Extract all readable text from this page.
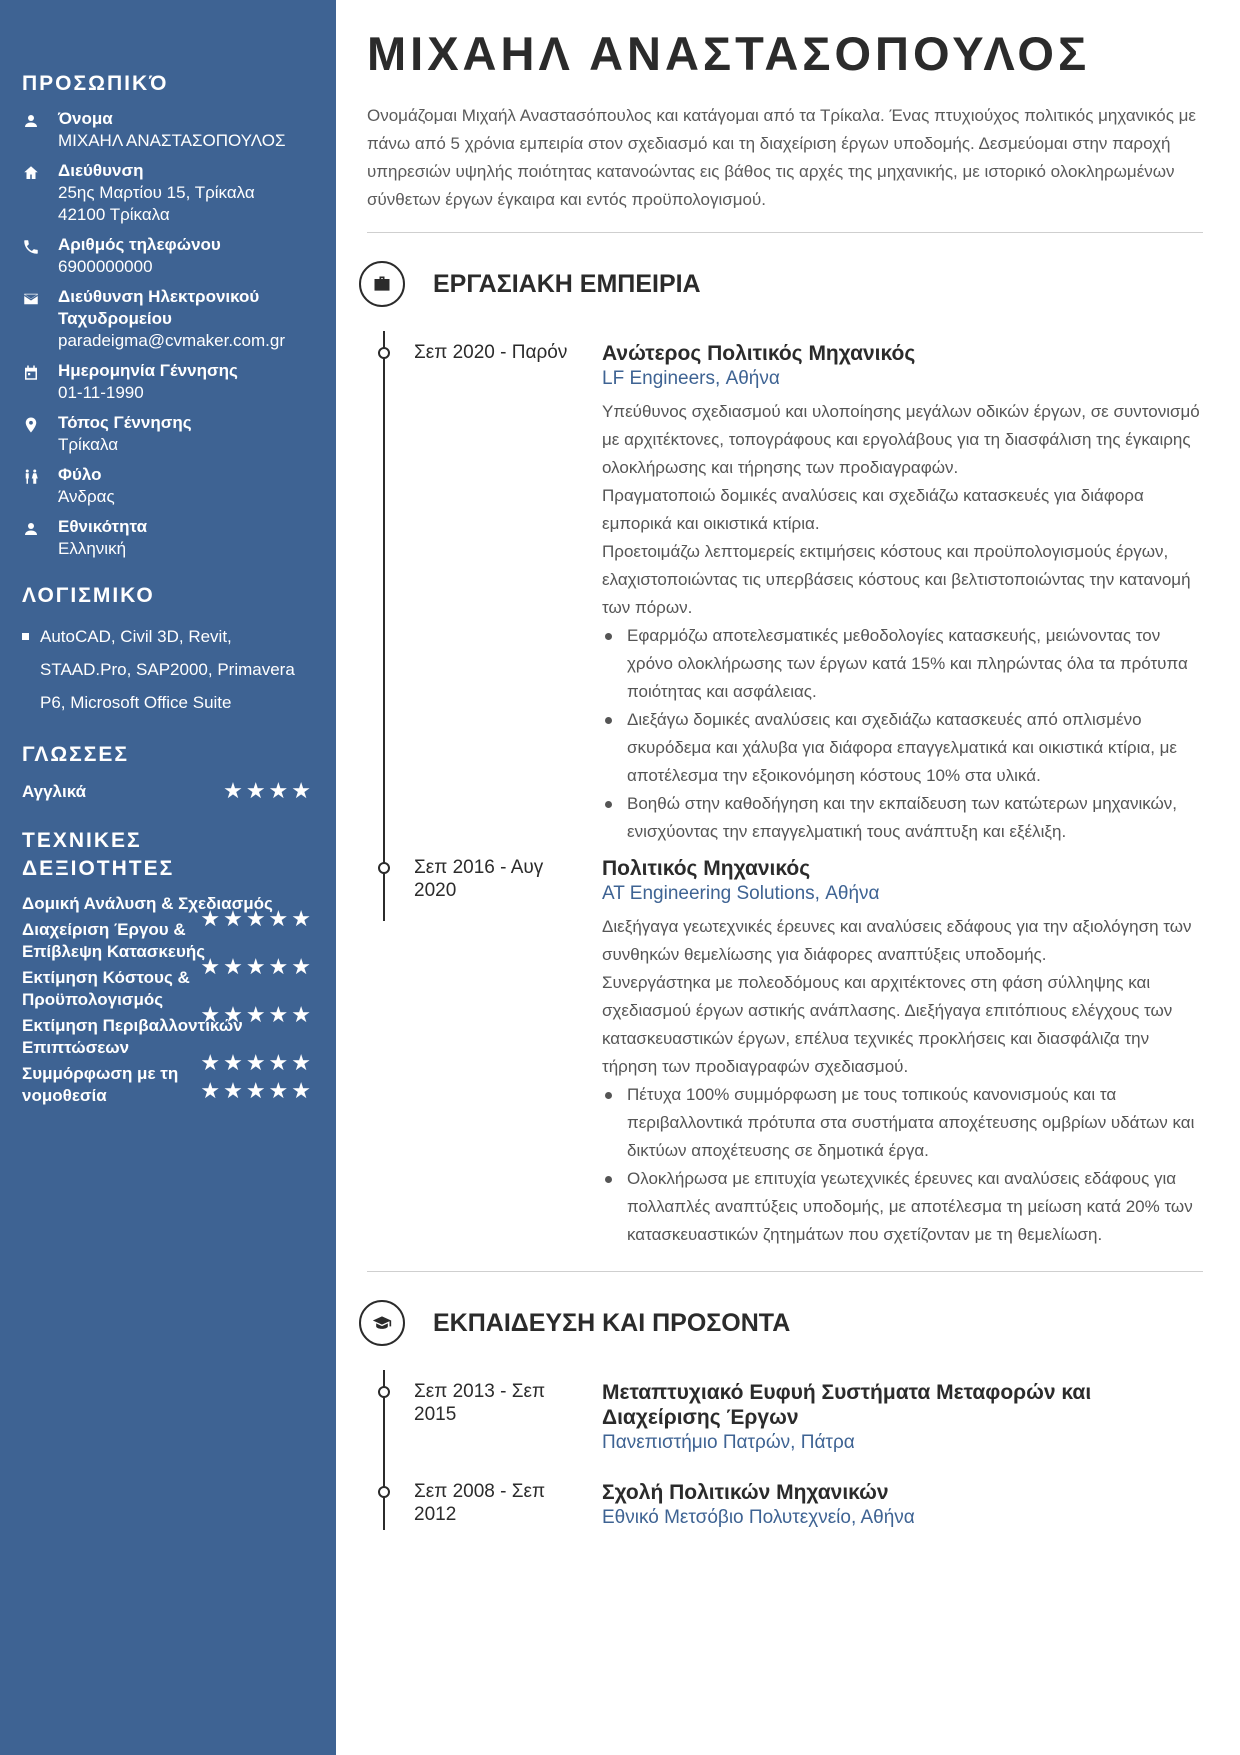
ΠΡΟΣΩΠΙΚΌ
Όνομα
ΜΙΧΑΗΛ ΑΝΑΣΤΑΣΟΠΟΥΛΟΣ
Διεύθυνση
25ης Μαρτίου 15, Τρίκαλα
42100 Τρίκαλα
Αριθμός τηλεφώνου
6900000000
Διεύθυνση Ηλεκτρονικού Ταχυδρομείου
paradeigma@cvmaker.com.gr
Ημερομηνία Γέννησης
01-11-1990
Τόπος Γέννησης
Τρίκαλα
Φύλο
Άνδρας
Εθνικότητα
Ελληνική
ΛΟΓΙΣΜΙΚΟ
AutoCAD, Civil 3D, Revit, STAAD.Pro, SAP2000, Primavera P6, Microsoft Office Suite
ΓΛΩΣΣΕΣ
Αγγλικά	★★★★
ΤΕΧΝΙΚΕΣ ΔΕΞΙΟΤΗΤΕΣ
Δομική Ανάλυση & Σχεδιασμός
★★★★★
Διαχείριση Έργου & Επίβλεψη Κατασκευής
★★★★★
Εκτίμηση Κόστους & Προϋπολογισμός
★★★★★
Εκτίμηση Περιβαλλοντικών Επιπτώσεων
★★★★★
Συμμόρφωση με τη νομοθεσία	★★★★★
ΜΙΧΑΗΛ ΑΝΑΣΤΑΣΟΠΟΥΛΟΣ
Ονομάζομαι Μιχαήλ Αναστασόπουλος και κατάγομαι από τα Τρίκαλα. Ένας πτυχιούχος πολιτικός μηχανικός με πάνω από 5 χρόνια εμπειρία στον σχεδιασμό και τη διαχείριση έργων υποδομής. Δεσμεύομαι στην παροχή υπηρεσιών υψηλής ποιότητας κατανοώντας εις βάθος τις αρχές της μηχανικής, με ιστορικό ολοκληρωμένων σύνθετων έργων έγκαιρα και εντός προϋπολογισμού.
ΕΡΓΑΣΙΑΚΗ ΕΜΠΕΙΡΙΑ
Σεπ 2020 - Παρόν	Ανώτερος Πολιτικός Μηχανικός
LF Engineers, Αθήνα

Υπεύθυνος σχεδιασμού και υλοποίησης μεγάλων οδικών έργων, σε συντονισμό με αρχιτέκτονες, τοπογράφους και εργολάβους για τη διασφάλιση της έγκαιρης ολοκλήρωσης και τήρησης των προδιαγραφών.

Πραγματοποιώ δομικές αναλύσεις και σχεδιάζω κατασκευές για διάφορα εμπορικά και οικιστικά κτίρια.

Προετοιμάζω λεπτομερείς εκτιμήσεις κόστους και προϋπολογισμούς έργων, ελαχιστοποιώντας τις υπερβάσεις κόστους και βελτιστοποιώντας την κατανομή των πόρων.

Εφαρμόζω αποτελεσματικές μεθοδολογίες κατασκευής, μειώνοντας τον χρόνο ολοκλήρωσης των έργων κατά 15% και πληρώντας όλα τα πρότυπα ποιότητας και ασφάλειας.
Διεξάγω δομικές αναλύσεις και σχεδιάζω κατασκευές από οπλισμένο σκυρόδεμα και χάλυβα για διάφορα επαγγελματικά και οικιστικά κτίρια, με αποτέλεσμα την εξοικονόμηση κόστους 10% στα υλικά.
Βοηθώ στην καθοδήγηση και την εκπαίδευση των κατώτερων μηχανικών, ενισχύοντας την επαγγελματική τους ανάπτυξη και εξέλιξη.
Σεπ 2016 - Αυγ 2020
Πολιτικός Μηχανικός
AT Engineering Solutions, Αθήνα

Διεξήγαγα γεωτεχνικές έρευνες και αναλύσεις εδάφους για την αξιολόγηση των συνθηκών θεμελίωσης για διάφορες αναπτύξεις υποδομής.

Συνεργάστηκα με πολεοδόμους και αρχιτέκτονες στη φάση σύλληψης και σχεδιασμού έργων αστικής ανάπλασης. Διεξήγαγα επιτόπιους ελέγχους των κατασκευαστικών έργων, επέλυα τεχνικές προκλήσεις και διασφάλιζα την τήρηση των προδιαγραφών σχεδιασμού.

Πέτυχα 100% συμμόρφωση με τους τοπικούς κανονισμούς και τα περιβαλλοντικά πρότυπα στα συστήματα αποχέτευσης ομβρίων υδάτων και δικτύων αποχέτευσης σε δημοτικά έργα.
Ολοκλήρωσα με επιτυχία γεωτεχνικές έρευνες και αναλύσεις εδάφους για πολλαπλές αναπτύξεις υποδομής, με αποτέλεσμα τη μείωση κατά 20% των κατασκευαστικών ζητημάτων που σχετίζονταν με τη θεμελίωση.
ΕΚΠΑΙΔΕΥΣΗ ΚΑΙ ΠΡΟΣΟΝΤΑ
Σεπ 2013 - Σεπ 2015
Μεταπτυχιακό Ευφυή Συστήματα Μεταφορών και Διαχείρισης Έργων
Πανεπιστήμιο Πατρών, Πάτρα
Σεπ 2008 - Σεπ 2012
Σχολή Πολιτικών Μηχανικών
Εθνικό Μετσόβιο Πολυτεχνείο, Αθήνα
